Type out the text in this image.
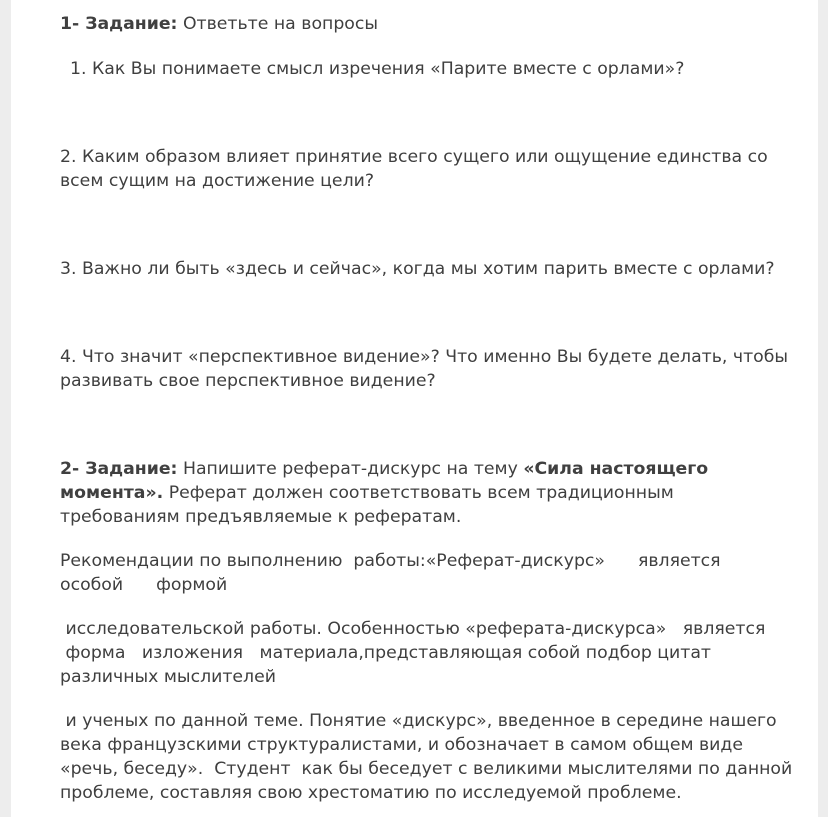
1- Задание: Ответьте на вопросы

1. Как Вы понимаете смысл изречения «Парите вместе с орлами»?

2. Каким образом влияет принятие всего сущего или ощущение единства со
всем сущим на достижение цели?

3. Важно ли быть «здесь и сейчас», когда мы хотим парить вместе с орлами?

4. Что значит «перспективное видение»? Что именно Вы будете делать, чтобы
развивать свое перспективное видение?

2- Задание: Напишите реферат-дискурс на тему «Сила настоящего
момента». Реферат должен соответствовать всем традиционным
требованиям предъявляемые к рефератам.

Рекомендации по выполнению  работы:«Реферат-дискурс»      является
особой      формой

исследовательской работы. Особенностью «реферата-дискурса»   является
форма   изложения   материала,представляющая собой подбор цитат
различных мыслителей

и ученых по данной теме. Понятие «дискурс», введенное в середине нашего
века французскими структуралистами, и обозначает в самом общем виде
«речь, беседу».  Студент  как бы беседует с великими мыслителями по данной
проблеме, составляя свою хрестоматию по исследуемой проблеме.
